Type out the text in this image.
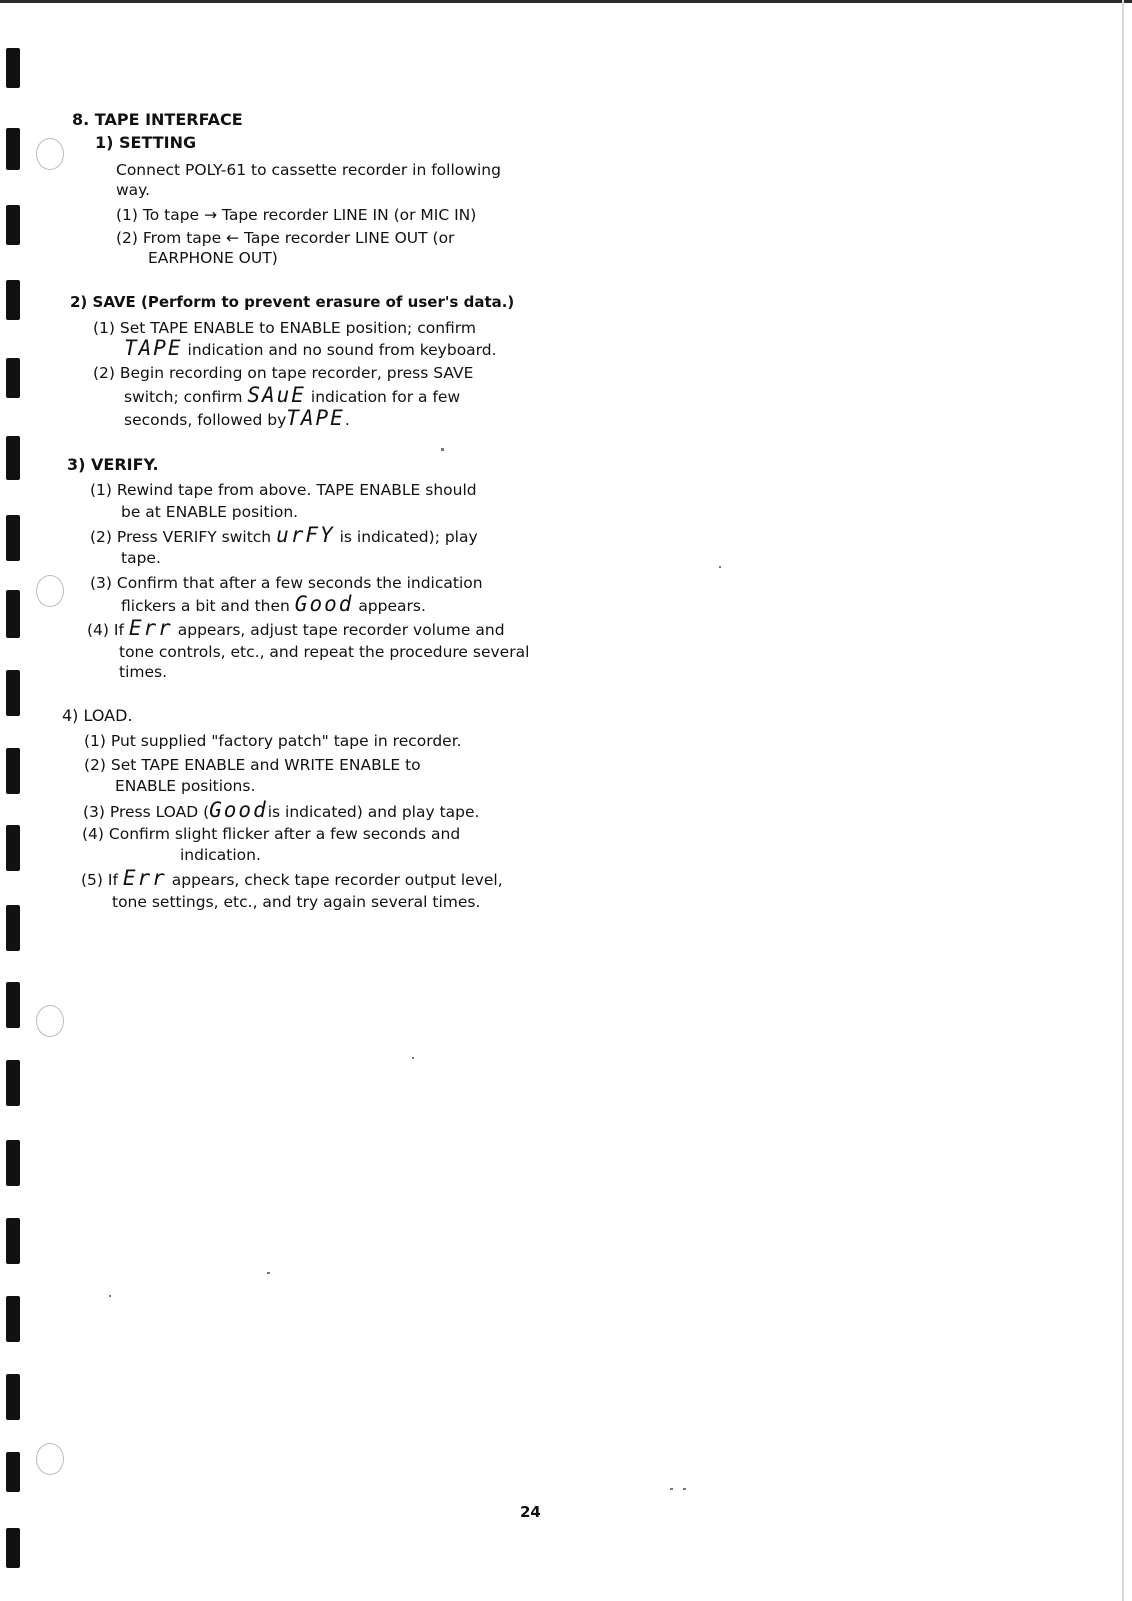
8. TAPE INTERFACE
1) SETTING
Connect POLY-61 to cassette recorder in following
way.
(1) To tape → Tape recorder LINE IN (or MIC IN)
(2) From tape ← Tape recorder LINE OUT (or
EARPHONE OUT)
2) SAVE (Perform to prevent erasure of user's data.)
(1) Set TAPE ENABLE to ENABLE position; confirm
TAPE indication and no sound from keyboard.
(2) Begin recording on tape recorder, press SAVE
switch; confirm SAuE indication for a few
seconds, followed byTAPE.
3) VERIFY.
(1) Rewind tape from above. TAPE ENABLE should
be at ENABLE position.
(2) Press VERIFY switch urFY is indicated); play
tape.
(3) Confirm that after a few seconds the indication
flickers a bit and then Good appears.
(4) If Err appears, adjust tape recorder volume and
tone controls, etc., and repeat the procedure several
times.
4) LOAD.
(1) Put supplied "factory patch" tape in recorder.
(2) Set TAPE ENABLE and WRITE ENABLE to
ENABLE positions.
(3) Press LOAD (Goodis indicated) and play tape.
(4) Confirm slight flicker after a few seconds and
indication.
(5) If Err appears, check tape recorder output level,
tone settings, etc., and try again several times.
24
